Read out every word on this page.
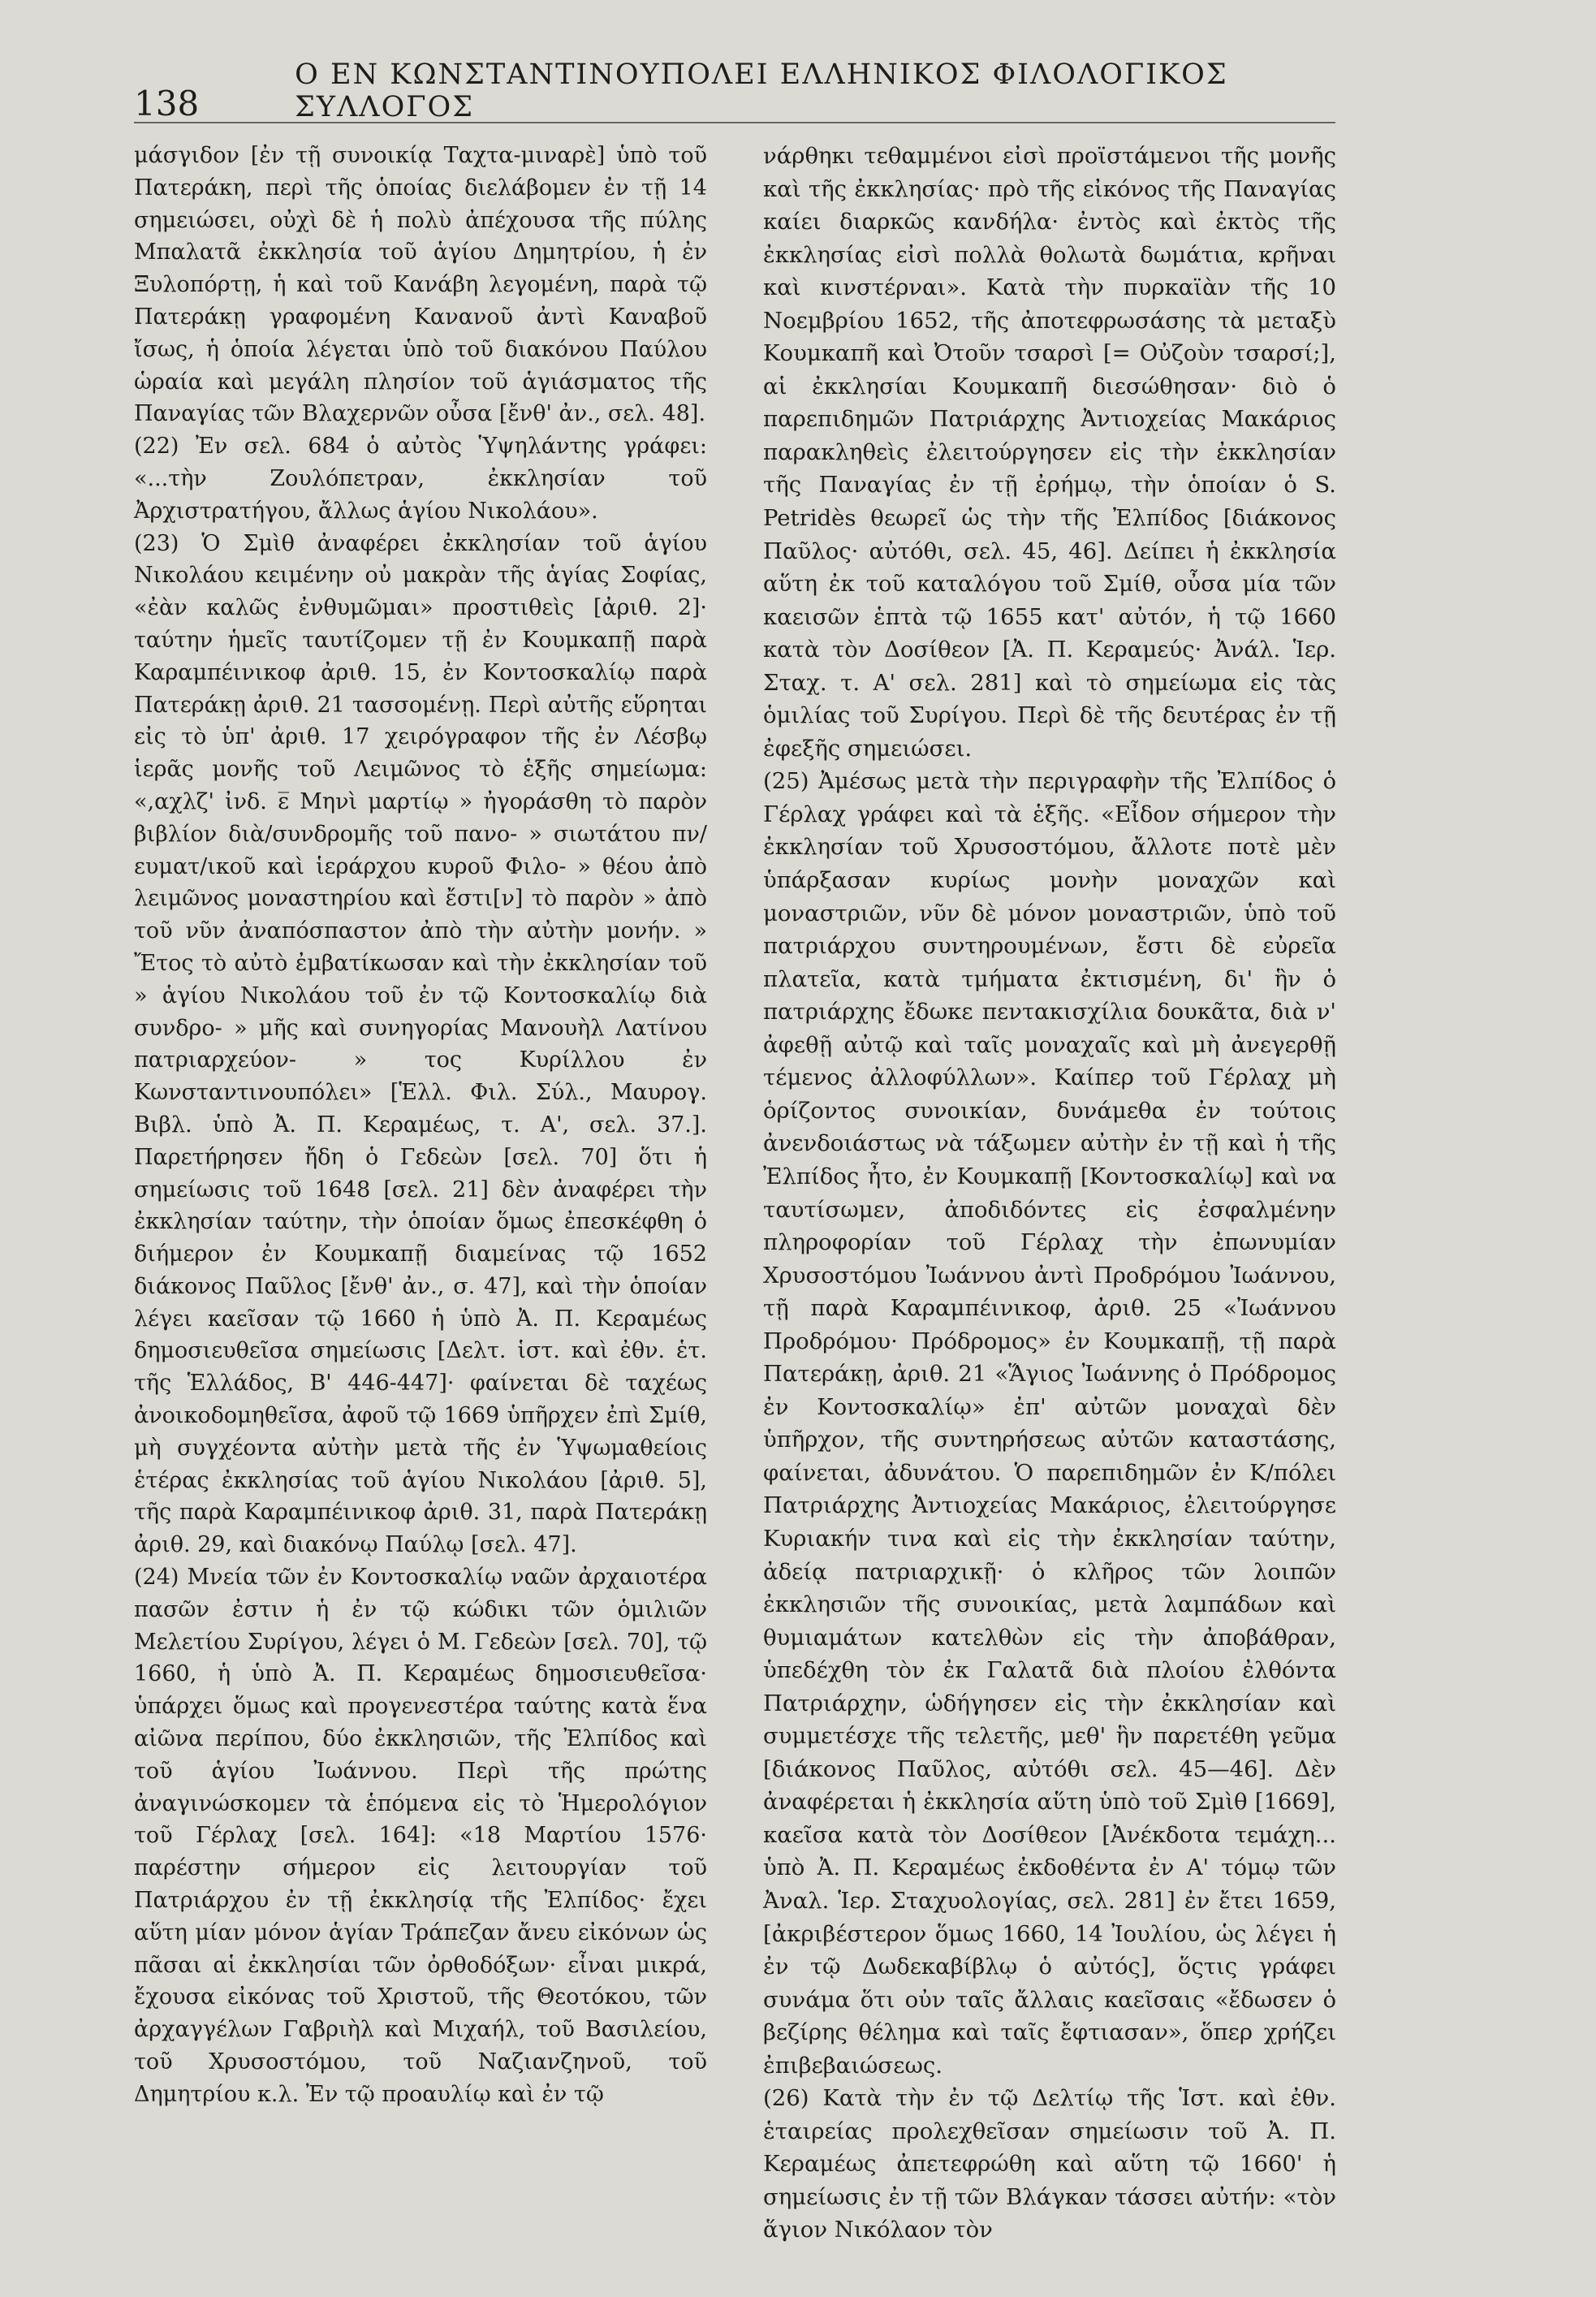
138
Ο ΕΝ ΚΩΝΣΤΑΝΤΙΝΟΥΠΟΛΕΙ ΕΛΛΗΝΙΚΟΣ ΦΙΛΟΛΟΓΙΚΟΣ ΣΥΛΛΟΓΟΣ

μάσγιδον [ἐν τῇ συνοικίᾳ Ταχτα-μιναρὲ] ὑπὸ τοῦ Πατεράκη, περὶ τῆς ὁποίας διελάβομεν ἐν τῇ 14 σημειώσει, οὐχὶ δὲ ἡ πολὺ ἀπέχουσα τῆς πύλης Μπαλατᾶ ἐκκλησία τοῦ ἁγίου Δημητρίου, ἡ ἐν Ξυλοπόρτῃ, ἡ καὶ τοῦ Κανάβη λεγομένη, παρὰ τῷ Πατεράκῃ γραφομένη Κανανοῦ ἀντὶ Καναβοῦ ἴσως, ἡ ὁποία λέγεται ὑπὸ τοῦ διακόνου Παύλου ὡραία καὶ μεγάλη πλησίον τοῦ ἁγιάσματος τῆς Παναγίας τῶν Βλαχερνῶν οὖσα [ἔνθ' ἀν., σελ. 48].

(22) Ἐν σελ. 684 ὁ αὐτὸς Ὑψηλάντης γράφει: «...τὴν Ζουλόπετραν, ἐκκλησίαν τοῦ Ἀρχιστρατήγου, ἄλλως ἁγίου Νικολάου».

(23) Ὁ Σμὶθ ἀναφέρει ἐκκλησίαν τοῦ ἁγίου Νικολάου κειμένην οὐ μακρὰν τῆς ἁγίας Σοφίας, «ἐὰν καλῶς ἐνθυμῶμαι» προστιθεὶς [ἀριθ. 2]· ταύτην ἡμεῖς ταυτίζομεν τῇ ἐν Κουμκαπῇ παρὰ Καραμπέινικοφ ἀριθ. 15, ἐν Κοντοσκαλίῳ παρὰ Πατεράκῃ ἀριθ. 21 τασσομένῃ. Περὶ αὐτῆς εὕρηται εἰς τὸ ὑπ' ἀριθ. 17 χειρόγραφον τῆς ἐν Λέσβῳ ἱερᾶς μονῆς τοῦ Λειμῶνος τὸ ἑξῆς σημείωμα: «,αχλζ' ἰνδ. ε̅ Μηνὶ μαρτίῳ » ἠγοράσθη τὸ παρὸν βιβλίον διὰ/συνδρομῆς τοῦ πανο- » σιωτάτου πν/ευματ/ικοῦ καὶ ἱεράρχου κυροῦ Φιλο- » θέου ἀπὸ λειμῶνος μοναστηρίου καὶ ἔστι[ν] τὸ παρὸν » ἀπὸ τοῦ νῦν ἀναπόσπαστον ἀπὸ τὴν αὐτὴν μονήν. » Ἔτος τὸ αὐτὸ ἐμβατίκωσαν καὶ τὴν ἐκκλησίαν τοῦ » ἁγίου Νικολάου τοῦ ἐν τῷ Κοντοσκαλίῳ διὰ συνδρο- » μῆς καὶ συνηγορίας Μανουὴλ Λατίνου πατριαρχεύον- » τος Κυρίλλου ἐν Κωνσταντινουπόλει» [Ἑλλ. Φιλ. Σύλ., Μαυρογ. Βιβλ. ὑπὸ Ἀ. Π. Κεραμέως, τ. Α', σελ. 37.]. Παρετήρησεν ἤδη ὁ Γεδεὼν [σελ. 70] ὅτι ἡ σημείωσις τοῦ 1648 [σελ. 21] δὲν ἀναφέρει τὴν ἐκκλησίαν ταύτην, τὴν ὁποίαν ὅμως ἐπεσκέφθη ὁ διήμερον ἐν Κουμκαπῇ διαμείνας τῷ 1652 διάκονος Παῦλος [ἔνθ' ἀν., σ. 47], καὶ τὴν ὁποίαν λέγει καεῖσαν τῷ 1660 ἡ ὑπὸ Ἀ. Π. Κεραμέως δημοσιευθεῖσα σημείωσις [Δελτ. ἱστ. καὶ ἐθν. ἑτ. τῆς Ἑλλάδος, Β' 446-447]· φαίνεται δὲ ταχέως ἀνοικοδομηθεῖσα, ἀφοῦ τῷ 1669 ὑπῆρχεν ἐπὶ Σμίθ, μὴ συγχέοντα αὐτὴν μετὰ τῆς ἐν Ὑψωμαθείοις ἑτέρας ἐκκλησίας τοῦ ἁγίου Νικολάου [ἀριθ. 5], τῆς παρὰ Καραμπέινικοφ ἀριθ. 31, παρὰ Πατεράκῃ ἀριθ. 29, καὶ διακόνῳ Παύλῳ [σελ. 47].

(24) Μνεία τῶν ἐν Κοντοσκαλίῳ ναῶν ἀρχαιοτέρα πασῶν ἐστιν ἡ ἐν τῷ κώδικι τῶν ὁμιλιῶν Μελετίου Συρίγου, λέγει ὁ Μ. Γεδεὼν [σελ. 70], τῷ 1660, ἡ ὑπὸ Ἀ. Π. Κεραμέως δημοσιευθεῖσα· ὑπάρχει ὅμως καὶ προγενεστέρα ταύτης κατὰ ἕνα αἰῶνα περίπου, δύο ἐκκλησιῶν, τῆς Ἐλπίδος καὶ τοῦ ἁγίου Ἰωάννου. Περὶ τῆς πρώτης ἀναγινώσκομεν τὰ ἑπόμενα εἰς τὸ Ἡμερολόγιον τοῦ Γέρλαχ [σελ. 164]: «18 Μαρτίου 1576· παρέστην σήμερον εἰς λειτουργίαν τοῦ Πατριάρχου ἐν τῇ ἐκκλησίᾳ τῆς Ἐλπίδος· ἔχει αὕτη μίαν μόνον ἁγίαν Τράπεζαν ἄνευ εἰκόνων ὡς πᾶσαι αἱ ἐκκλησίαι τῶν ὀρθοδόξων· εἶναι μικρά, ἔχουσα εἰκόνας τοῦ Χριστοῦ, τῆς Θεοτόκου, τῶν ἀρχαγγέλων Γαβριὴλ καὶ Μιχαήλ, τοῦ Βασιλείου, τοῦ Χρυσοστόμου, τοῦ Ναζιανζηνοῦ, τοῦ Δημητρίου κ.λ. Ἐν τῷ προαυλίῳ καὶ ἐν τῷ

νάρθηκι τεθαμμένοι εἰσὶ προϊστάμενοι τῆς μονῆς καὶ τῆς ἐκκλησίας· πρὸ τῆς εἰκόνος τῆς Παναγίας καίει διαρκῶς κανδήλα· ἐντὸς καὶ ἐκτὸς τῆς ἐκκλησίας εἰσὶ πολλὰ θολωτὰ δωμάτια, κρῆναι καὶ κινστέρναι». Κατὰ τὴν πυρκαϊὰν τῆς 10 Νοεμβρίου 1652, τῆς ἀποτεφρωσάσης τὰ μεταξὺ Κουμκαπῆ καὶ Ὀτοῦν τσαρσὶ [= Οὐζοὺν τσαρσί;], αἱ ἐκκλησίαι Κουμκαπῆ διεσώθησαν· διὸ ὁ παρεπιδημῶν Πατριάρχης Ἀντιοχείας Μακάριος παρακληθεὶς ἐλειτούργησεν εἰς τὴν ἐκκλησίαν τῆς Παναγίας ἐν τῇ ἐρήμῳ, τὴν ὁποίαν ὁ S. Petridès θεωρεῖ ὡς τὴν τῆς Ἐλπίδος [διάκονος Παῦλος· αὐτόθι, σελ. 45, 46]. Δείπει ἡ ἐκκλησία αὕτη ἐκ τοῦ καταλόγου τοῦ Σμίθ, οὖσα μία τῶν καεισῶν ἑπτὰ τῷ 1655 κατ' αὐτόν, ἡ τῷ 1660 κατὰ τὸν Δοσίθεον [Ἀ. Π. Κεραμεύς· Ἀνάλ. Ἱερ. Σταχ. τ. Α' σελ. 281] καὶ τὸ σημείωμα εἰς τὰς ὁμιλίας τοῦ Συρίγου. Περὶ δὲ τῆς δευτέρας ἐν τῇ ἐφεξῆς σημειώσει.

(25) Ἀμέσως μετὰ τὴν περιγραφὴν τῆς Ἐλπίδος ὁ Γέρλαχ γράφει καὶ τὰ ἑξῆς. «Εἶδον σήμερον τὴν ἐκκλησίαν τοῦ Χρυσοστόμου, ἄλλοτε ποτὲ μὲν ὑπάρξασαν κυρίως μονὴν μοναχῶν καὶ μοναστριῶν, νῦν δὲ μόνον μοναστριῶν, ὑπὸ τοῦ πατριάρχου συντηρουμένων, ἔστι δὲ εὐρεῖα πλατεῖα, κατὰ τμήματα ἐκτισμένη, δι' ἣν ὁ πατριάρχης ἔδωκε πεντακισχίλια δουκᾶτα, διὰ ν' ἀφεθῇ αὐτῷ καὶ ταῖς μοναχαῖς καὶ μὴ ἀνεγερθῇ τέμενος ἀλλοφύλλων». Καίπερ τοῦ Γέρλαχ μὴ ὁρίζοντος συνοικίαν, δυνάμεθα ἐν τούτοις ἀνενδοιάστως νὰ τάξωμεν αὐτὴν ἐν τῇ καὶ ἡ τῆς Ἐλπίδος ἦτο, ἐν Κουμκαπῇ [Κοντοσκαλίῳ] καὶ να ταυτίσωμεν, ἀποδιδόντες εἰς ἐσφαλμένην πληροφορίαν τοῦ Γέρλαχ τὴν ἐπωνυμίαν Χρυσοστόμου Ἰωάννου ἀντὶ Προδρόμου Ἰωάννου, τῇ παρὰ Καραμπέινικοφ, ἀριθ. 25 «Ἰωάννου Προδρόμου· Πρόδρομος» ἐν Κουμκαπῇ, τῇ παρὰ Πατεράκῃ, ἀριθ. 21 «Ἅγιος Ἰωάννης ὁ Πρόδρομος ἐν Κοντοσκαλίῳ» ἐπ' αὐτῶν μοναχαὶ δὲν ὑπῆρχον, τῆς συντηρήσεως αὐτῶν καταστάσης, φαίνεται, ἀδυνάτου. Ὁ παρεπιδημῶν ἐν Κ/πόλει Πατριάρχης Ἀντιοχείας Μακάριος, ἐλειτούργησε Κυριακήν τινα καὶ εἰς τὴν ἐκκλησίαν ταύτην, ἀδείᾳ πατριαρχικῇ· ὁ κλῆρος τῶν λοιπῶν ἐκκλησιῶν τῆς συνοικίας, μετὰ λαμπάδων καὶ θυμιαμάτων κατελθὼν εἰς τὴν ἀποβάθραν, ὑπεδέχθη τὸν ἐκ Γαλατᾶ διὰ πλοίου ἐλθόντα Πατριάρχην, ὡδήγησεν εἰς τὴν ἐκκλησίαν καὶ συμμετέσχε τῆς τελετῆς, μεθ' ἣν παρετέθη γεῦμα [διάκονος Παῦλος, αὐτόθι σελ. 45—46]. Δὲν ἀναφέρεται ἡ ἐκκλησία αὕτη ὑπὸ τοῦ Σμὶθ [1669], καεῖσα κατὰ τὸν Δοσίθεον [Ἀνέκδοτα τεμάχη... ὑπὸ Ἀ. Π. Κεραμέως ἐκδοθέντα ἐν Α' τόμῳ τῶν Ἀναλ. Ἱερ. Σταχυολογίας, σελ. 281] ἐν ἔτει 1659, [ἀκριβέστερον ὅμως 1660, 14 Ἰουλίου, ὡς λέγει ἡ ἐν τῷ Δωδεκαβίβλῳ ὁ αὐτός], ὅςτις γράφει συνάμα ὅτι οὐν ταῖς ἄλλαις καεῖσαις «ἔδωσεν ὁ βεζίρης θέλημα καὶ ταῖς ἔφτιασαν», ὅπερ χρήζει ἐπιβεβαιώσεως.

(26) Κατὰ τὴν ἐν τῷ Δελτίῳ τῆς Ἱστ. καὶ ἐθν. ἑταιρείας προλεχθεῖσαν σημείωσιν τοῦ Ἀ. Π. Κεραμέως ἀπετεφρώθη καὶ αὕτη τῷ 1660' ἡ σημείωσις ἐν τῇ τῶν Βλάγκαν τάσσει αὐτήν: «τὸν ἅγιον Νικόλαον τὸν
